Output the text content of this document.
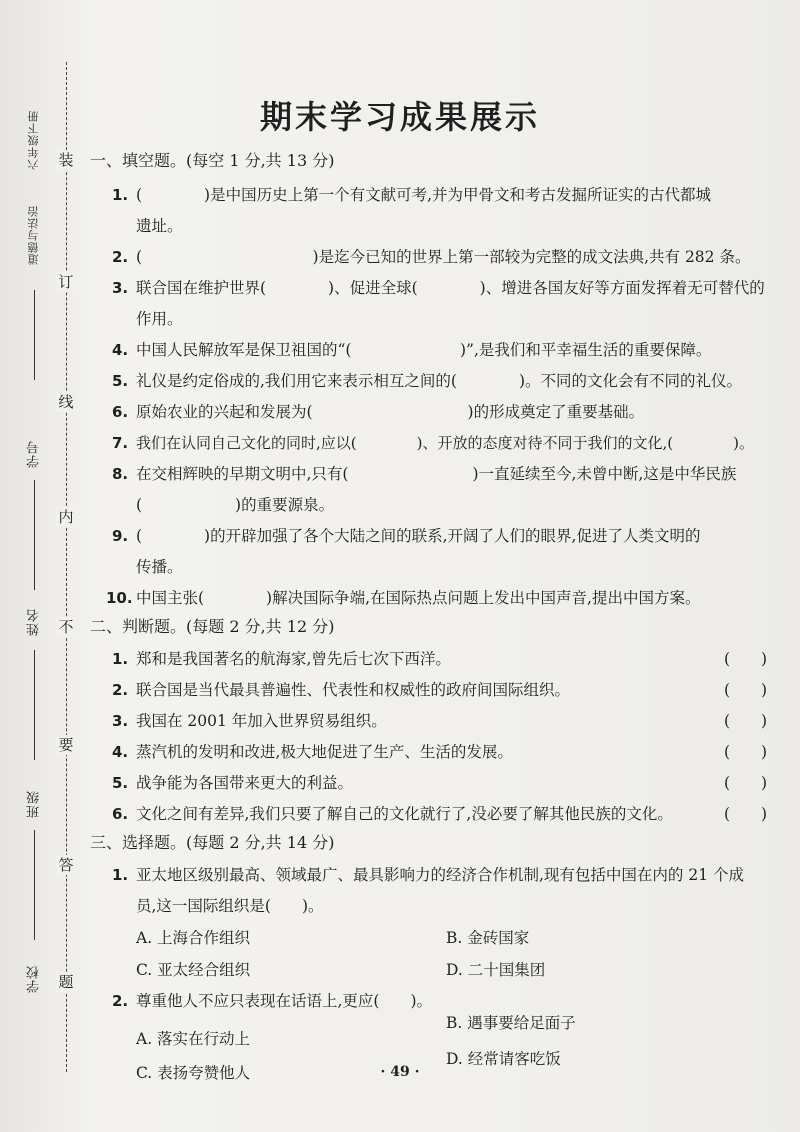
装
订
线
内
不
要
答
题
六年级下册
道德与法治
学号
姓名
班级
学校
期末学习成果展示

一、填空题。(每空 1 分,共 13 分)

1. (　　　　)是中国历史上第一个有文献可考,并为甲骨文和考古发掘所证实的古代都城
遗址。
2. (　　　　　　　　　　　)是迄今已知的世界上第一部较为完整的成文法典,共有 282 条。
3. 联合国在维护世界(　　　　)、促进全球(　　　　)、增进各国友好等方面发挥着无可替代的
作用。
4. 中国人民解放军是保卫祖国的“(　　　　　　　)”,是我们和平幸福生活的重要保障。
5. 礼仪是约定俗成的,我们用它来表示相互之间的(　　　　)。不同的文化会有不同的礼仪。
6. 原始农业的兴起和发展为(　　　　　　　　　　)的形成奠定了重要基础。
7. 我们在认同自己文化的同时,应以(　　　　)、开放的态度对待不同于我们的文化,(　　　　)。
8. 在交相辉映的早期文明中,只有(　　　　　　　　)一直延续至今,未曾中断,这是中华民族
(　　　　　　)的重要源泉。
9. (　　　　)的开辟加强了各个大陆之间的联系,开阔了人们的眼界,促进了人类文明的
传播。
10. 中国主张(　　　　)解决国际争端,在国际热点问题上发出中国声音,提出中国方案。

二、判断题。(每题 2 分,共 12 分)

1. 郑和是我国著名的航海家,曾先后七次下西洋。	(　　)
2. 联合国是当代最具普遍性、代表性和权威性的政府间国际组织。	(　　)
3. 我国在 2001 年加入世界贸易组织。	(　　)
4. 蒸汽机的发明和改进,极大地促进了生产、生活的发展。	(　　)
5. 战争能为各国带来更大的利益。	(　　)
6. 文化之间有差异,我们只要了解自己的文化就行了,没必要了解其他民族的文化。	(　　)

三、选择题。(每题 2 分,共 14 分)

1. 亚太地区级别最高、领域最广、最具影响力的经济合作机制,现有包括中国在内的 21 个成
员,这一国际组织是(　　)。
A. 上海合作组织	B. 金砖国家
C. 亚太经合组织	D. 二十国集团
2. 尊重他人不应只表现在话语上,更应(　　)。
A. 落实在行动上
B. 遇事要给足面子
C. 表扬夸赞他人
D. 经常请客吃饭
· 49 ·
